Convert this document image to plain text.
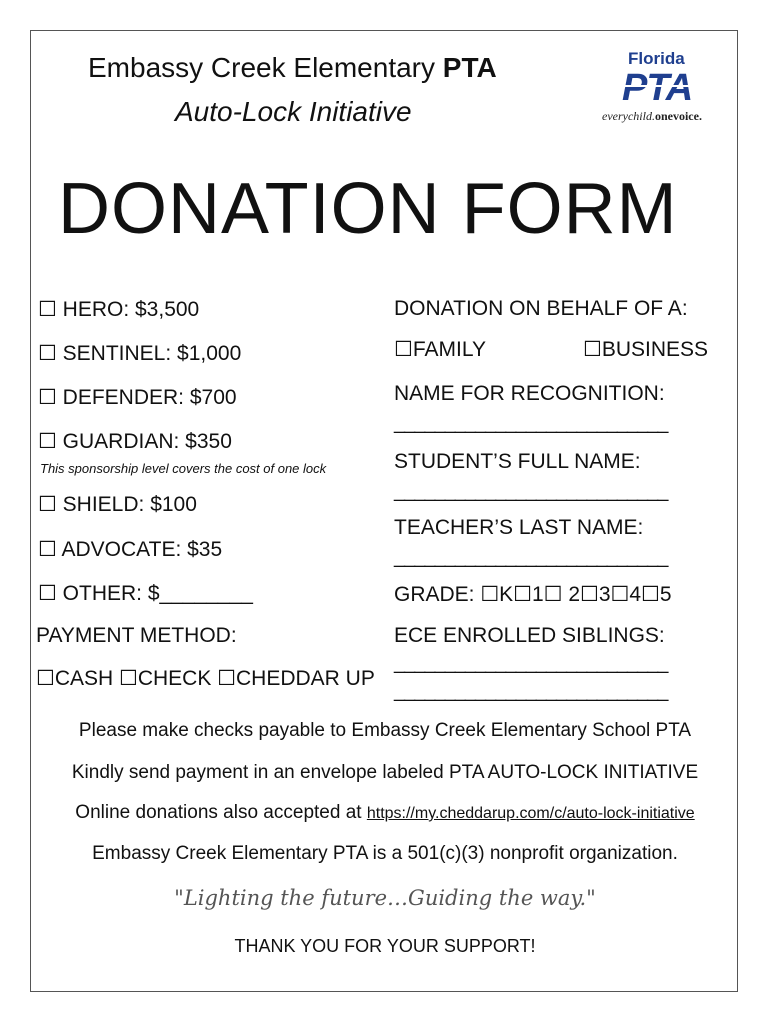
Embassy Creek Elementary PTA
Auto-Lock Initiative
DONATION FORM
Florida
PTA
everychild.onevoice.
☐ HERO: $3,500
☐ SENTINEL: $1,000
☐ DEFENDER: $700
☐ GUARDIAN: $350
This sponsorship level covers the cost of one lock
☐ SHIELD: $100
☐ ADVOCATE: $35
☐ OTHER: $________
PAYMENT METHOD:
☐CASH ☐CHECK ☐CHEDDAR UP
DONATION ON BEHALF OF A:
☐FAMILY	☐BUSINESS
NAME FOR RECOGNITION:
___________________________
STUDENT’S FULL NAME:
___________________________
TEACHER’S LAST NAME:
___________________________
GRADE: ☐K☐1☐ 2☐3☐4☐5
ECE ENROLLED SIBLINGS:
___________________________
___________________________
Please make checks payable to Embassy Creek Elementary School PTA
Kindly send payment in an envelope labeled PTA AUTO-LOCK INITIATIVE
Online donations also accepted at https://my.cheddarup.com/c/auto-lock-initiative
Embassy Creek Elementary PTA is a 501(c)(3) nonprofit organization.
"Lighting the future…Guiding the way."
THANK YOU FOR YOUR SUPPORT!
